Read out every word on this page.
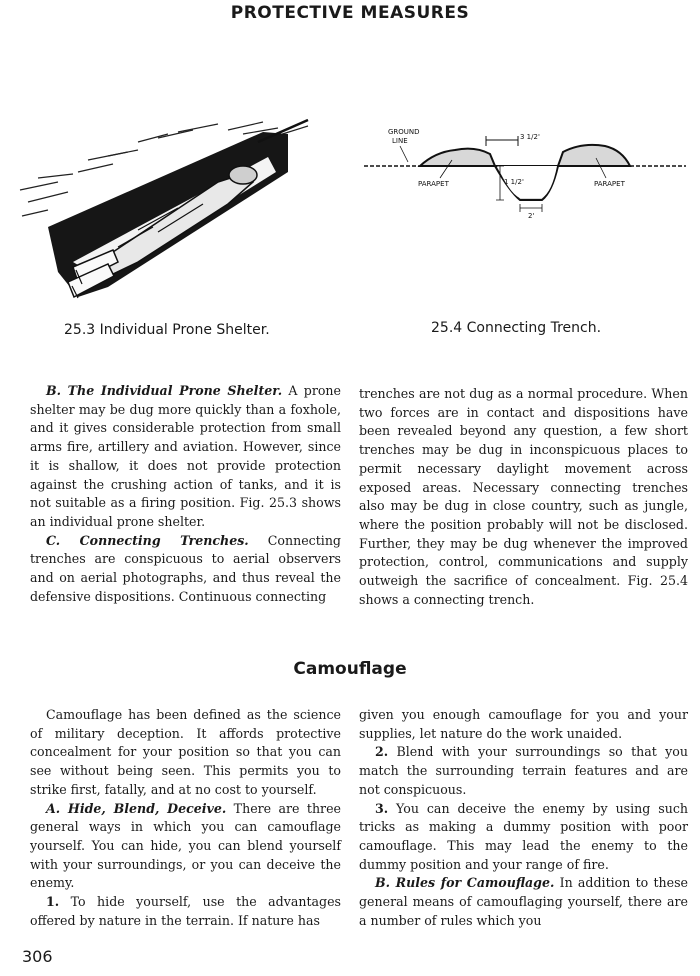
PROTECTIVE MEASURES
GROUND
LINE	3 1/2'
1 1/2'
2'
PARAPET	PARAPET
25.3 Individual Prone Shelter.	25.4 Connecting Trench.

B. The Individual Prone Shelter. A prone shelter may be dug more quickly than a foxhole, and it gives considerable protection from small arms fire, artillery and aviation. However, since it is shallow, it does not provide protection against the crushing action of tanks, and it is not suitable as a firing position. Fig. 25.3 shows an individual prone shelter.

C. Connecting Trenches. Connecting trenches are conspicuous to aerial observers and on aerial photographs, and thus reveal the defensive dispositions. Continuous connecting

trenches are not dug as a normal procedure. When two forces are in contact and dispositions have been revealed beyond any question, a few short trenches may be dug in inconspicuous places to permit necessary daylight movement across exposed areas. Necessary connecting trenches also may be dug in close country, such as jungle, where the position probably will not be disclosed. Further, they may be dug whenever the improved protection, control, communications and supply outweigh the sacrifice of concealment. Fig. 25.4 shows a connecting trench.

Camouflage

Camouflage has been defined as the science of military deception. It affords protective concealment for your position so that you can see without being seen. This permits you to strike first, fatally, and at no cost to yourself.

A. Hide, Blend, Deceive. There are three general ways in which you can camouflage yourself. You can hide, you can blend yourself with your surroundings, or you can deceive the enemy.

1. To hide yourself, use the advantages offered by nature in the terrain. If nature has

given you enough camouflage for you and your supplies, let nature do the work unaided.

2. Blend with your surroundings so that you match the surrounding terrain features and are not conspicuous.

3. You can deceive the enemy by using such tricks as making a dummy position with poor camouflage. This may lead the enemy to the dummy position and your range of fire.

B. Rules for Camouflage. In addition to these general means of camouflaging yourself, there are a number of rules which you

306
